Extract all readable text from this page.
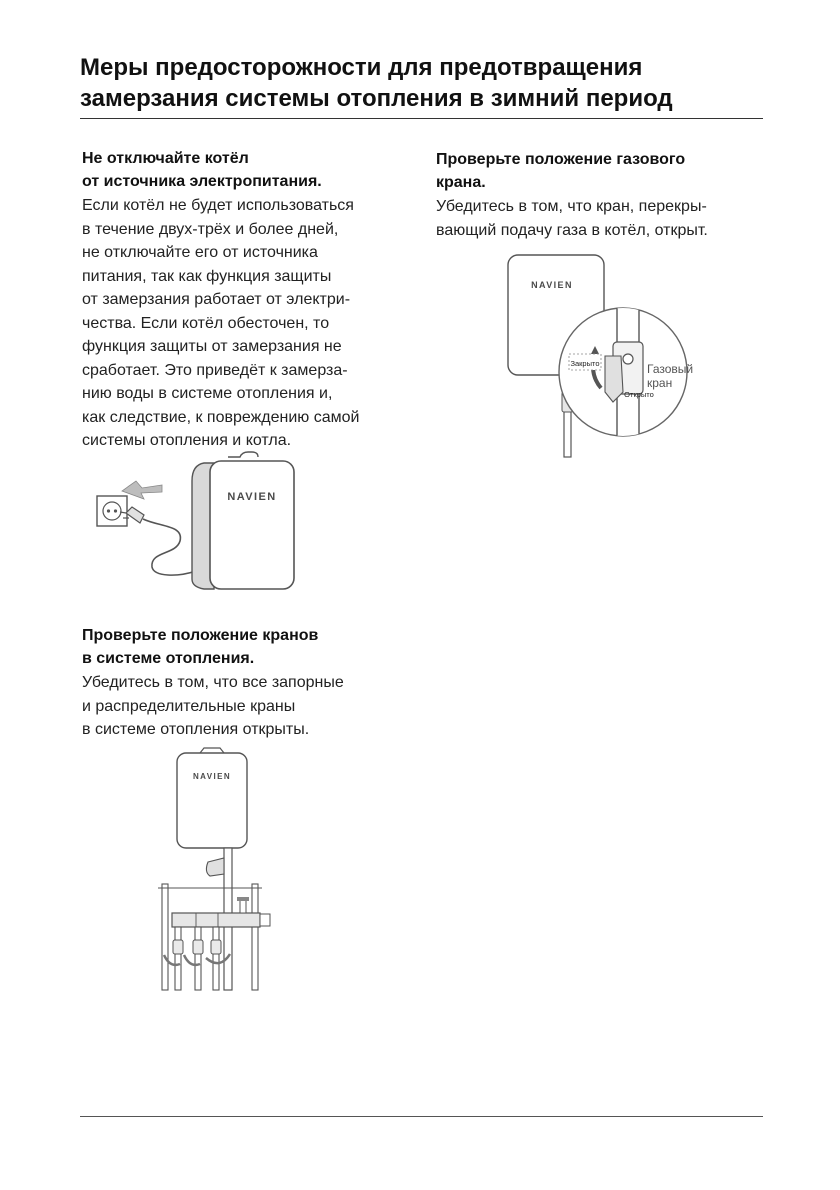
Меры предосторожности для предотвращения
замерзания системы отопления в зимний период
Не отключайте котёл
от источника электропитания.
Если котёл не будет использоваться
в течение двух-трёх и более дней,
не отключайте его от источника
питания, так как функция защиты
от замерзания работает от электри-
чества. Если котёл обесточен, то
функция защиты от замерзания не
сработает. Это приведёт к замерза-
нию воды в системе отопления и,
как следствие, к повреждению самой
системы отопления и котла.
NAVIEN
Проверьте положение кранов
в системе отопления.
Убедитесь в том, что все запорные
и распределительные краны
в системе отопления открыты.
NAVIEN
Проверьте положение газового
крана.
Убедитесь в том, что кран, перекры-
вающий подачу газа в котёл, открыт.
NAVIEN
Закрыто
Открыто
Газовый
кран
